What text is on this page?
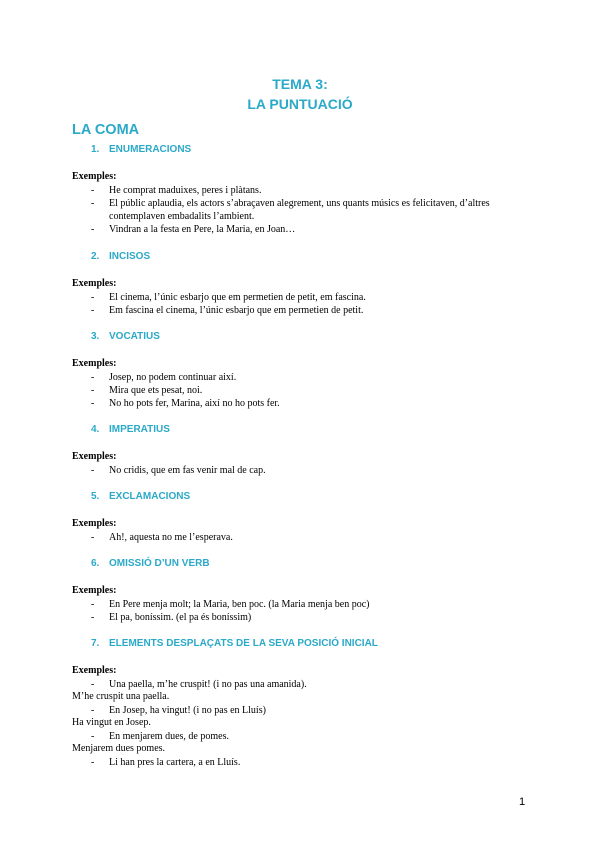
TEMA 3:
LA PUNTUACIÓ
LA COMA
1. ENUMERACIONS
Exemples:
- He comprat maduixes, peres i plàtans.
- El públic aplaudia, els actors s’abraçaven alegrement, uns quants músics es felicitaven, d’altres contemplaven embadalits l’ambient.
- Vindran a la festa en Pere, la Maria, en Joan…
2. INCISOS
Exemples:
- El cinema, l’únic esbarjo que em permetien de petit, em fascina.
- Em fascina el cinema, l’únic esbarjo que em permetien de petit.
3. VOCATIUS
Exemples:
- Josep, no podem continuar així.
- Mira que ets pesat, noi.
- No ho pots fer, Marina, així no ho pots fer.
4. IMPERATIUS
Exemples:
- No cridis, que em fas venir mal de cap.
5. EXCLAMACIONS
Exemples:
- Ah!, aquesta no me l’esperava.
6. OMISSIÓ D’UN VERB
Exemples:
- En Pere menja molt; la Maria, ben poc. (la Maria menja ben poc)
- El pa, boníssim. (el pa és boníssim)
7. ELEMENTS DESPLAÇATS DE LA SEVA POSICIÓ INICIAL
Exemples:
- Una paella, m’he cruspit! (i no pas una amanida).
M’he cruspit una paella.
- En Josep, ha vingut! (i no pas en Lluís)
Ha vingut en Josep.
- En menjarem dues, de pomes.
Menjarem dues pomes.
- Li han pres la cartera, a en Lluís.
1
